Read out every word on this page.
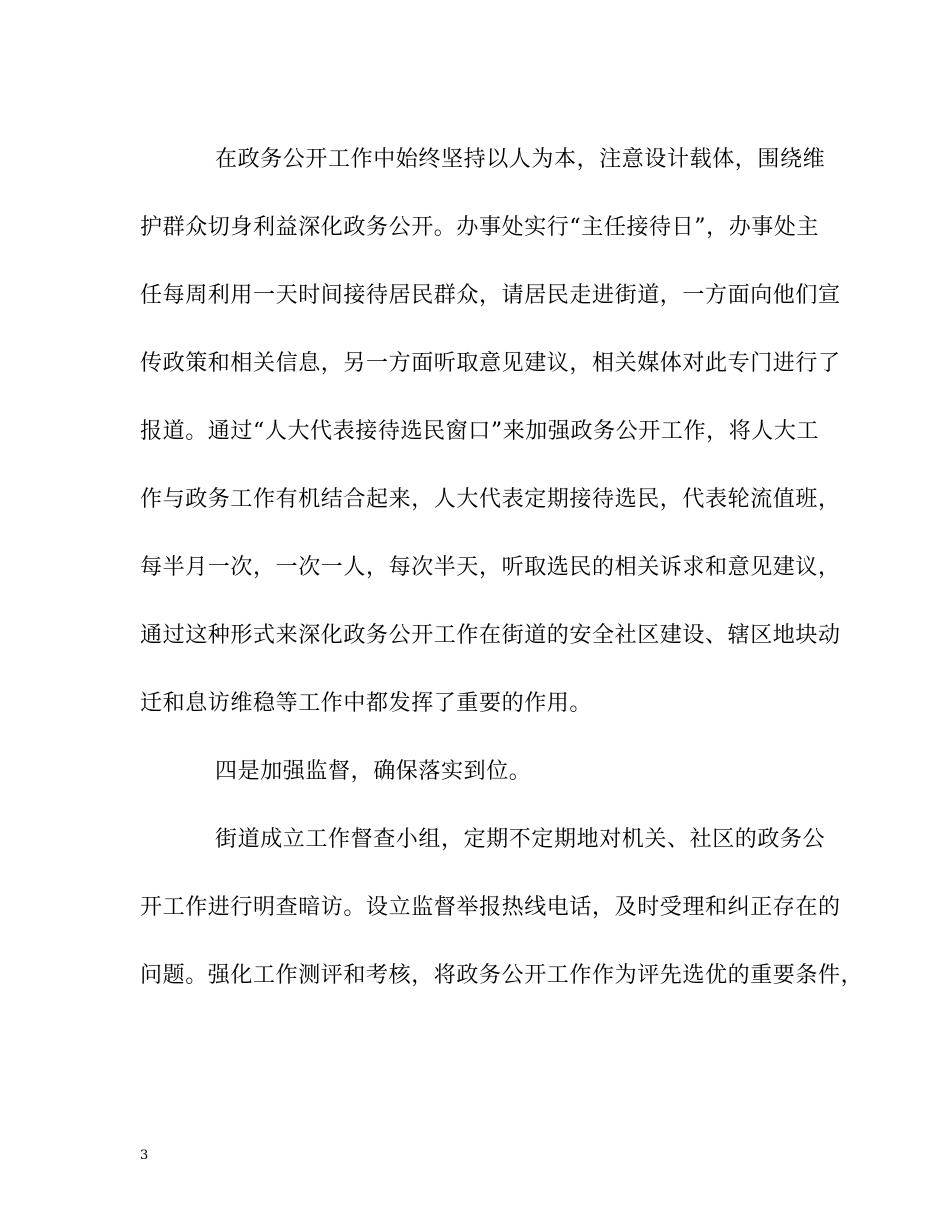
在政务公开工作中始终坚持以人为本，注意设计载体，围绕维
护群众切身利益深化政务公开。办事处实行“主任接待日”，办事处主
任每周利用一天时间接待居民群众，请居民走进街道，一方面向他们宣
传政策和相关信息，另一方面听取意见建议，相关媒体对此专门进行了
报道。通过“人大代表接待选民窗口”来加强政务公开工作，将人大工
作与政务工作有机结合起来，人大代表定期接待选民，代表轮流值班，
每半月一次，一次一人，每次半天，听取选民的相关诉求和意见建议，
通过这种形式来深化政务公开工作在街道的安全社区建设、辖区地块动
迁和息访维稳等工作中都发挥了重要的作用。
四是加强监督，确保落实到位。
街道成立工作督查小组，定期不定期地对机关、社区的政务公
开工作进行明查暗访。设立监督举报热线电话，及时受理和纠正存在的
问题。强化工作测评和考核，将政务公开工作作为评先选优的重要条件，
3
